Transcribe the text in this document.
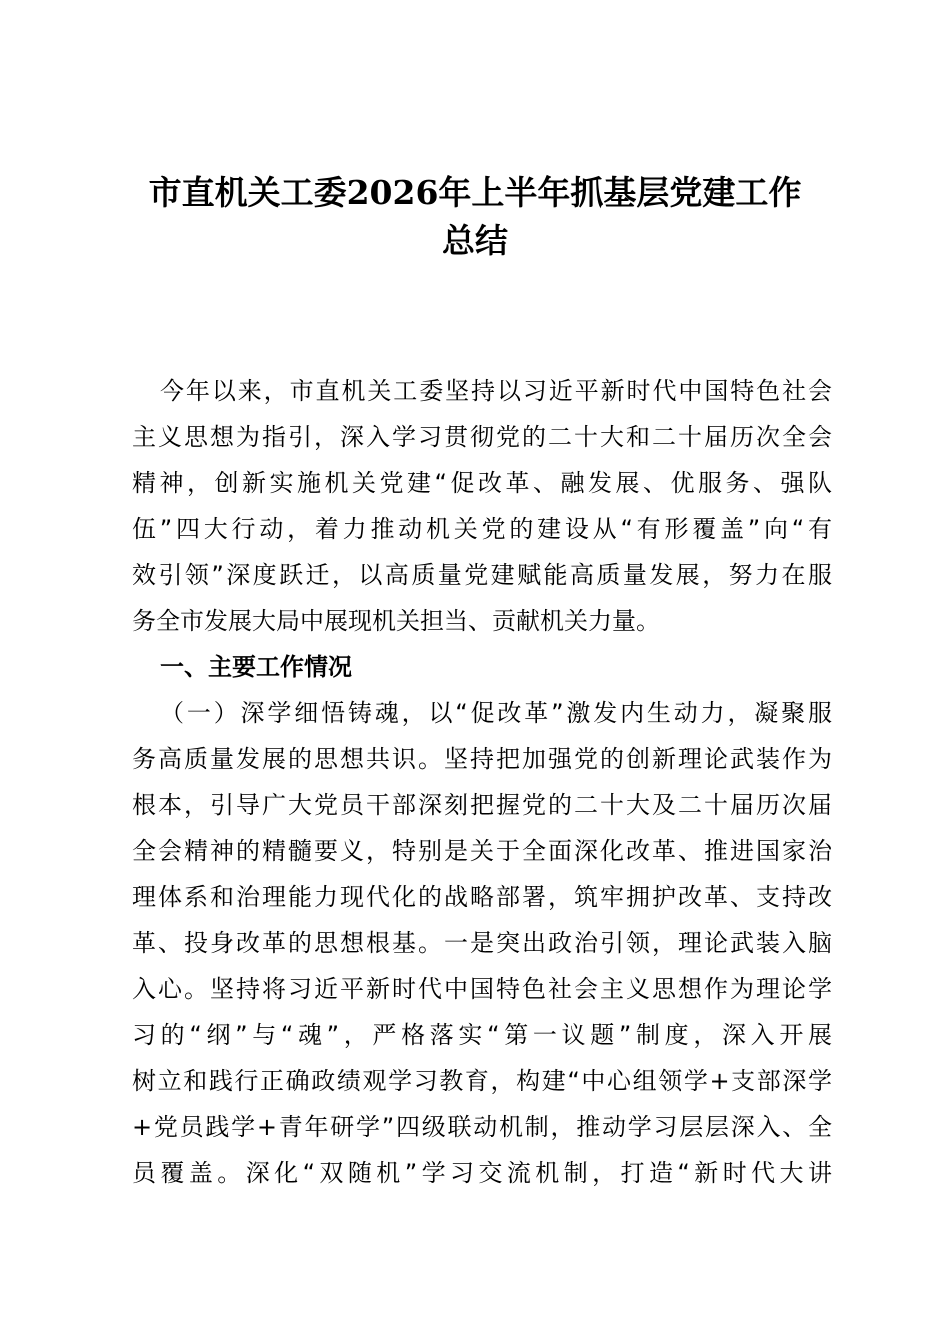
市直机关工委2026年上半年抓基层党建工作
总结
今年以来，市直机关工委坚持以习近平新时代中国特色社会
主义思想为指引，深入学习贯彻党的二十大和二十届历次全会
精神，创新实施机关党建“促改革、融发展、优服务、强队
伍”四大行动，着力推动机关党的建设从“有形覆盖”向“有
效引领”深度跃迁，以高质量党建赋能高质量发展，努力在服
务全市发展大局中展现机关担当、贡献机关力量。
一、主要工作情况
（一）深学细悟铸魂，以“促改革”激发内生动力，凝聚服
务高质量发展的思想共识。坚持把加强党的创新理论武装作为
根本，引导广大党员干部深刻把握党的二十大及二十届历次届
全会精神的精髓要义，特别是关于全面深化改革、推进国家治
理体系和治理能力现代化的战略部署，筑牢拥护改革、支持改
革、投身改革的思想根基。一是突出政治引领，理论武装入脑
入心。坚持将习近平新时代中国特色社会主义思想作为理论学
习的“纲”与“魂”，严格落实“第一议题”制度，深入开展
树立和践行正确政绩观学习教育，构建“中心组领学+支部深学
+党员践学+青年研学”四级联动机制，推动学习层层深入、全
员覆盖。深化“双随机”学习交流机制，打造“新时代大讲
